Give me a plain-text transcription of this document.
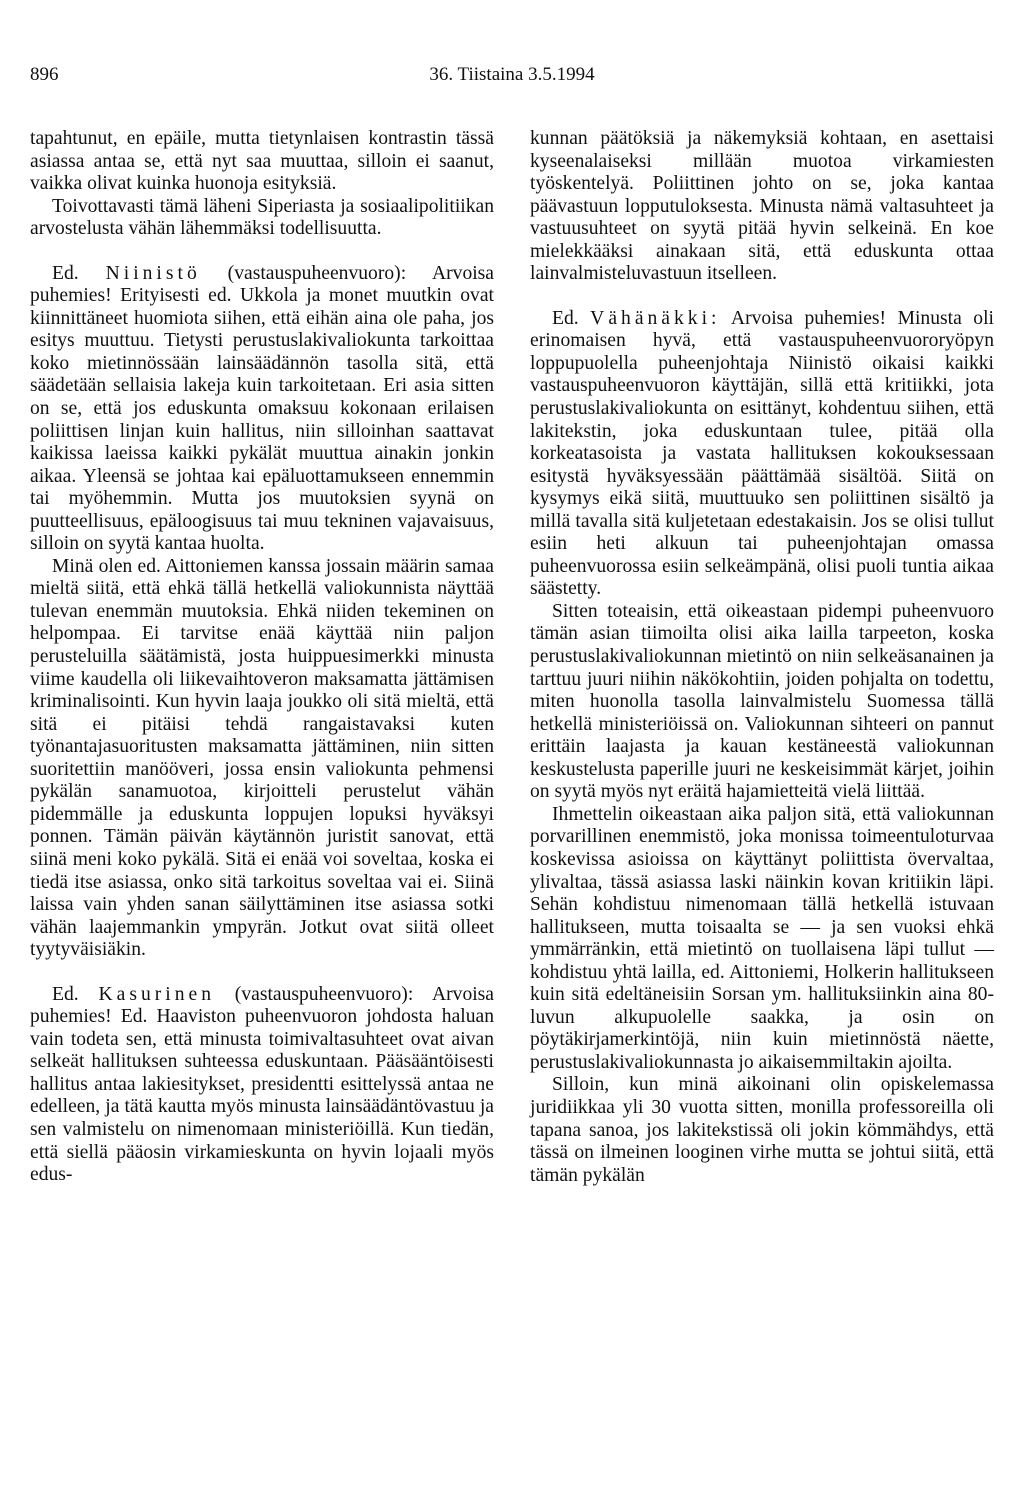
896	36. Tiistaina 3.5.1994

tapahtunut, en epäile, mutta tietynlaisen kontrastin tässä asiassa antaa se, että nyt saa muuttaa, silloin ei saanut, vaikka olivat kuinka huonoja esityksiä.

Toivottavasti tämä läheni Siperiasta ja sosiaalipolitiikan arvostelusta vähän lähemmäksi todellisuutta.

Ed. Niinistö (vastauspuheenvuoro): Arvoisa puhemies! Erityisesti ed. Ukkola ja monet muutkin ovat kiinnittäneet huomiota siihen, että eihän aina ole paha, jos esitys muuttuu. Tietysti perustuslakivaliokunta tarkoittaa koko mietinnössään lainsäädännön tasolla sitä, että säädetään sellaisia lakeja kuin tarkoitetaan. Eri asia sitten on se, että jos eduskunta omaksuu kokonaan erilaisen poliittisen linjan kuin hallitus, niin silloinhan saattavat kaikissa laeissa kaikki pykälät muuttua ainakin jonkin aikaa. Yleensä se johtaa kai epäluottamukseen ennemmin tai myöhemmin. Mutta jos muutoksien syynä on puutteellisuus, epäloogisuus tai muu tekninen vajavaisuus, silloin on syytä kantaa huolta.

Minä olen ed. Aittoniemen kanssa jossain määrin samaa mieltä siitä, että ehkä tällä hetkellä valiokunnista näyttää tulevan enemmän muutoksia. Ehkä niiden tekeminen on helpompaa. Ei tarvitse enää käyttää niin paljon perusteluilla säätämistä, josta huippuesimerkki minusta viime kaudella oli liikevaihtoveron maksamatta jättämisen kriminalisointi. Kun hyvin laaja joukko oli sitä mieltä, että sitä ei pitäisi tehdä rangaistavaksi kuten työnantajasuoritusten maksamatta jättäminen, niin sitten suoritettiin manööveri, jossa ensin valiokunta pehmensi pykälän sanamuotoa, kirjoitteli perustelut vähän pidemmälle ja eduskunta loppujen lopuksi hyväksyi ponnen. Tämän päivän käytännön juristit sanovat, että siinä meni koko pykälä. Sitä ei enää voi soveltaa, koska ei tiedä itse asiassa, onko sitä tarkoitus soveltaa vai ei. Siinä laissa vain yhden sanan säilyttäminen itse asiassa sotki vähän laajemmankin ympyrän. Jotkut ovat siitä olleet tyytyväisiäkin.

Ed. Kasurinen (vastauspuheenvuoro): Arvoisa puhemies! Ed. Haaviston puheenvuoron johdosta haluan vain todeta sen, että minusta toimivaltasuhteet ovat aivan selkeät hallituksen suhteessa eduskuntaan. Pääsääntöisesti hallitus antaa lakiesitykset, presidentti esittelyssä antaa ne edelleen, ja tätä kautta myös minusta lainsäädäntövastuu ja sen valmistelu on nimenomaan ministeriöillä. Kun tiedän, että siellä pääosin virkamieskunta on hyvin lojaali myös edus-

kunnan päätöksiä ja näkemyksiä kohtaan, en asettaisi kyseenalaiseksi millään muotoa virkamiesten työskentelyä. Poliittinen johto on se, joka kantaa päävastuun lopputuloksesta. Minusta nämä valtasuhteet ja vastuusuhteet on syytä pitää hyvin selkeinä. En koe mielekkääksi ainakaan sitä, että eduskunta ottaa lainvalmisteluvastuun itselleen.

Ed. Vähänäkki: Arvoisa puhemies! Minusta oli erinomaisen hyvä, että vastauspuheenvuororyöpyn loppupuolella puheenjohtaja Niinistö oikaisi kaikki vastauspuheenvuoron käyttäjän, sillä että kritiikki, jota perustuslakivaliokunta on esittänyt, kohdentuu siihen, että lakitekstin, joka eduskuntaan tulee, pitää olla korkeatasoista ja vastata hallituksen kokouksessaan esitystä hyväksyessään päättämää sisältöä. Siitä on kysymys eikä siitä, muuttuuko sen poliittinen sisältö ja millä tavalla sitä kuljetetaan edestakaisin. Jos se olisi tullut esiin heti alkuun tai puheenjohtajan omassa puheenvuorossa esiin selkeämpänä, olisi puoli tuntia aikaa säästetty.

Sitten toteaisin, että oikeastaan pidempi puheenvuoro tämän asian tiimoilta olisi aika lailla tarpeeton, koska perustuslakivaliokunnan mietintö on niin selkeäsanainen ja tarttuu juuri niihin näkökohtiin, joiden pohjalta on todettu, miten huonolla tasolla lainvalmistelu Suomessa tällä hetkellä ministeriöissä on. Valiokunnan sihteeri on pannut erittäin laajasta ja kauan kestäneestä valiokunnan keskustelusta paperille juuri ne keskeisimmät kärjet, joihin on syytä myös nyt eräitä hajamietteitä vielä liittää.

Ihmettelin oikeastaan aika paljon sitä, että valiokunnan porvarillinen enemmistö, joka monissa toimeentuloturvaa koskevissa asioissa on käyttänyt poliittista övervaltaa, ylivaltaa, tässä asiassa laski näinkin kovan kritiikin läpi. Sehän kohdistuu nimenomaan tällä hetkellä istuvaan hallitukseen, mutta toisaalta se — ja sen vuoksi ehkä ymmärränkin, että mietintö on tuollaisena läpi tullut — kohdistuu yhtä lailla, ed. Aittoniemi, Holkerin hallitukseen kuin sitä edeltäneisiin Sorsan ym. hallituksiinkin aina 80-luvun alkupuolelle saakka, ja osin on pöytäkirjamerkintöjä, niin kuin mietinnöstä näette, perustuslakivaliokunnasta jo aikaisemmiltakin ajoilta.

Silloin, kun minä aikoinani olin opiskelemassa juridiikkaa yli 30 vuotta sitten, monilla professoreilla oli tapana sanoa, jos lakitekstissä oli jokin kömmähdys, että tässä on ilmeinen looginen virhe mutta se johtui siitä, että tämän pykälän
